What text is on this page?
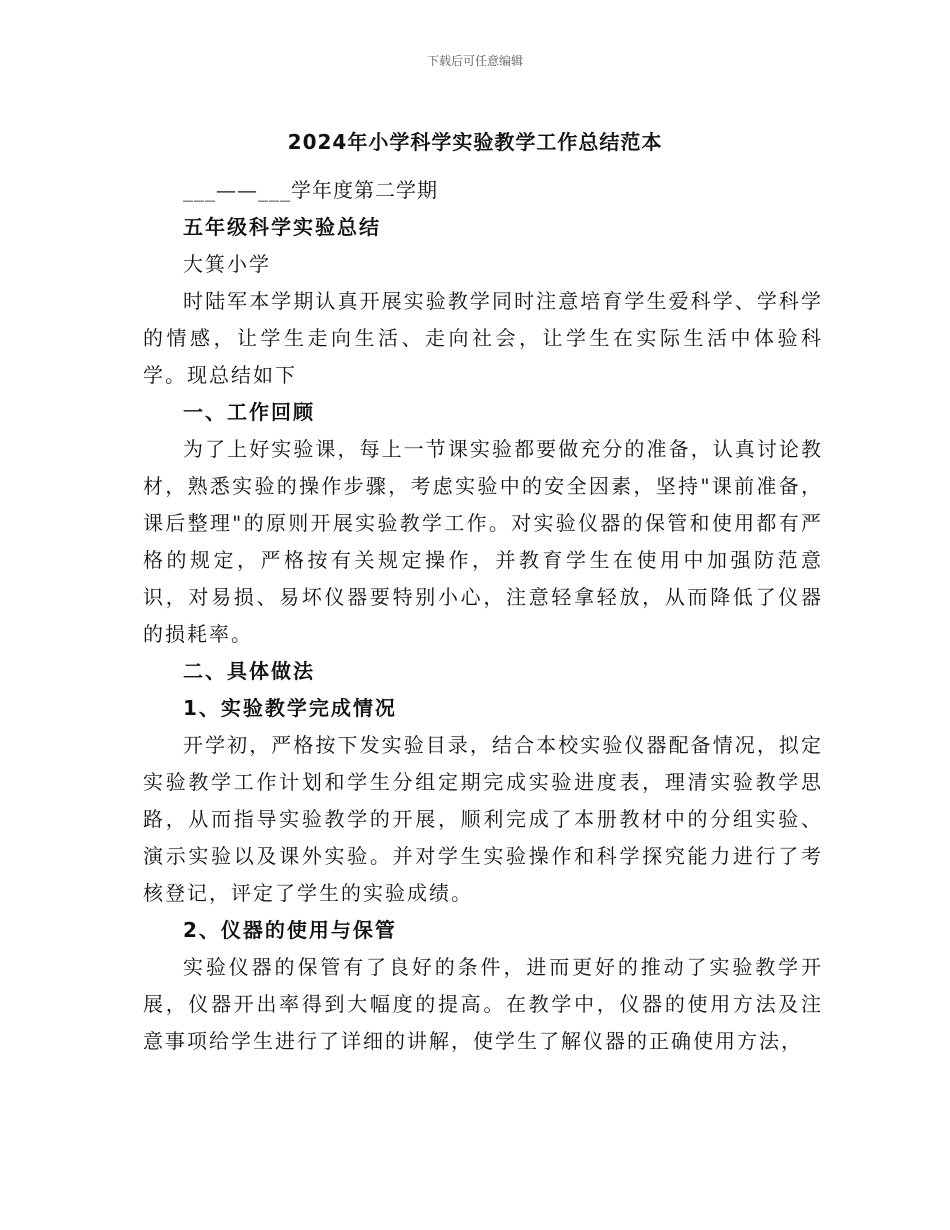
下载后可任意编辑
2024年小学科学实验教学工作总结范本

___——___学年度第二学期

五年级科学实验总结

大箕小学

时陆军本学期认真开展实验教学同时注意培育学生爱科学、学科学的情感，让学生走向生活、走向社会，让学生在实际生活中体验科学。现总结如下

一、工作回顾

为了上好实验课，每上一节课实验都要做充分的准备，认真讨论教材，熟悉实验的操作步骤，考虑实验中的安全因素，坚持"课前准备，课后整理"的原则开展实验教学工作。对实验仪器的保管和使用都有严格的规定，严格按有关规定操作，并教育学生在使用中加强防范意识，对易损、易坏仪器要特别小心，注意轻拿轻放，从而降低了仪器的损耗率。

二、具体做法

1、实验教学完成情况

开学初，严格按下发实验目录，结合本校实验仪器配备情况，拟定实验教学工作计划和学生分组定期完成实验进度表，理清实验教学思路，从而指导实验教学的开展，顺利完成了本册教材中的分组实验、演示实验以及课外实验。并对学生实验操作和科学探究能力进行了考核登记，评定了学生的实验成绩。

2、仪器的使用与保管

实验仪器的保管有了良好的条件，进而更好的推动了实验教学开展，仪器开出率得到大幅度的提高。在教学中，仪器的使用方法及注意事项给学生进行了详细的讲解，使学生了解仪器的正确使用方法，
